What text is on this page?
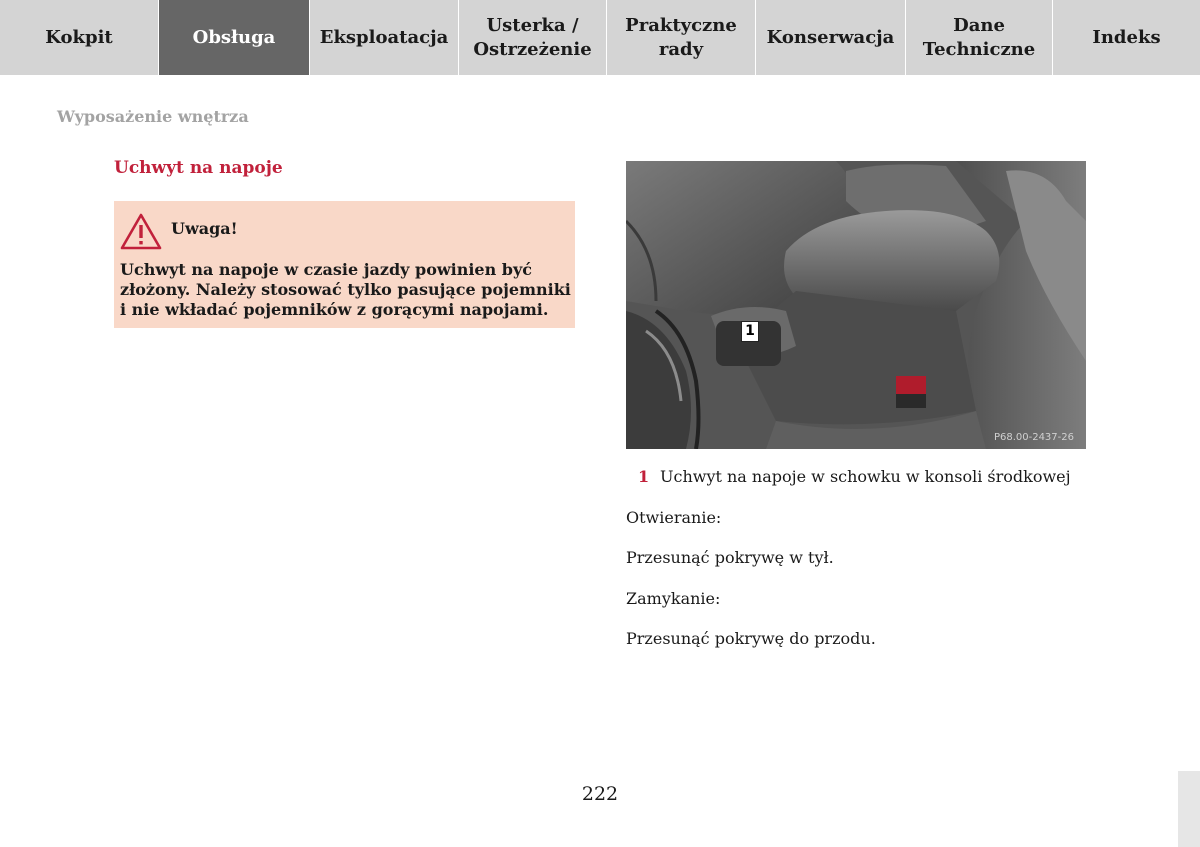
Kokpit	Obsługa	Eksploatacja
Usterka /
Ostrzeżenie
Praktyczne
rady
Konserwacja
Dane
Techniczne
Indeks
Wyposażenie wnętrza
Uchwyt na napoje
Uwaga!
Uchwyt na napoje w czasie jazdy powinien być złożony. Należy stosować tylko pasujące pojemniki i nie wkładać pojemników z gorącymi napojami.
1
P68.00-2437-26
1 Uchwyt na napoje w schowku w konsoli środkowej
Otwieranie:
Przesunąć pokrywę w tył.
Zamykanie:
Przesunąć pokrywę do przodu.
222
